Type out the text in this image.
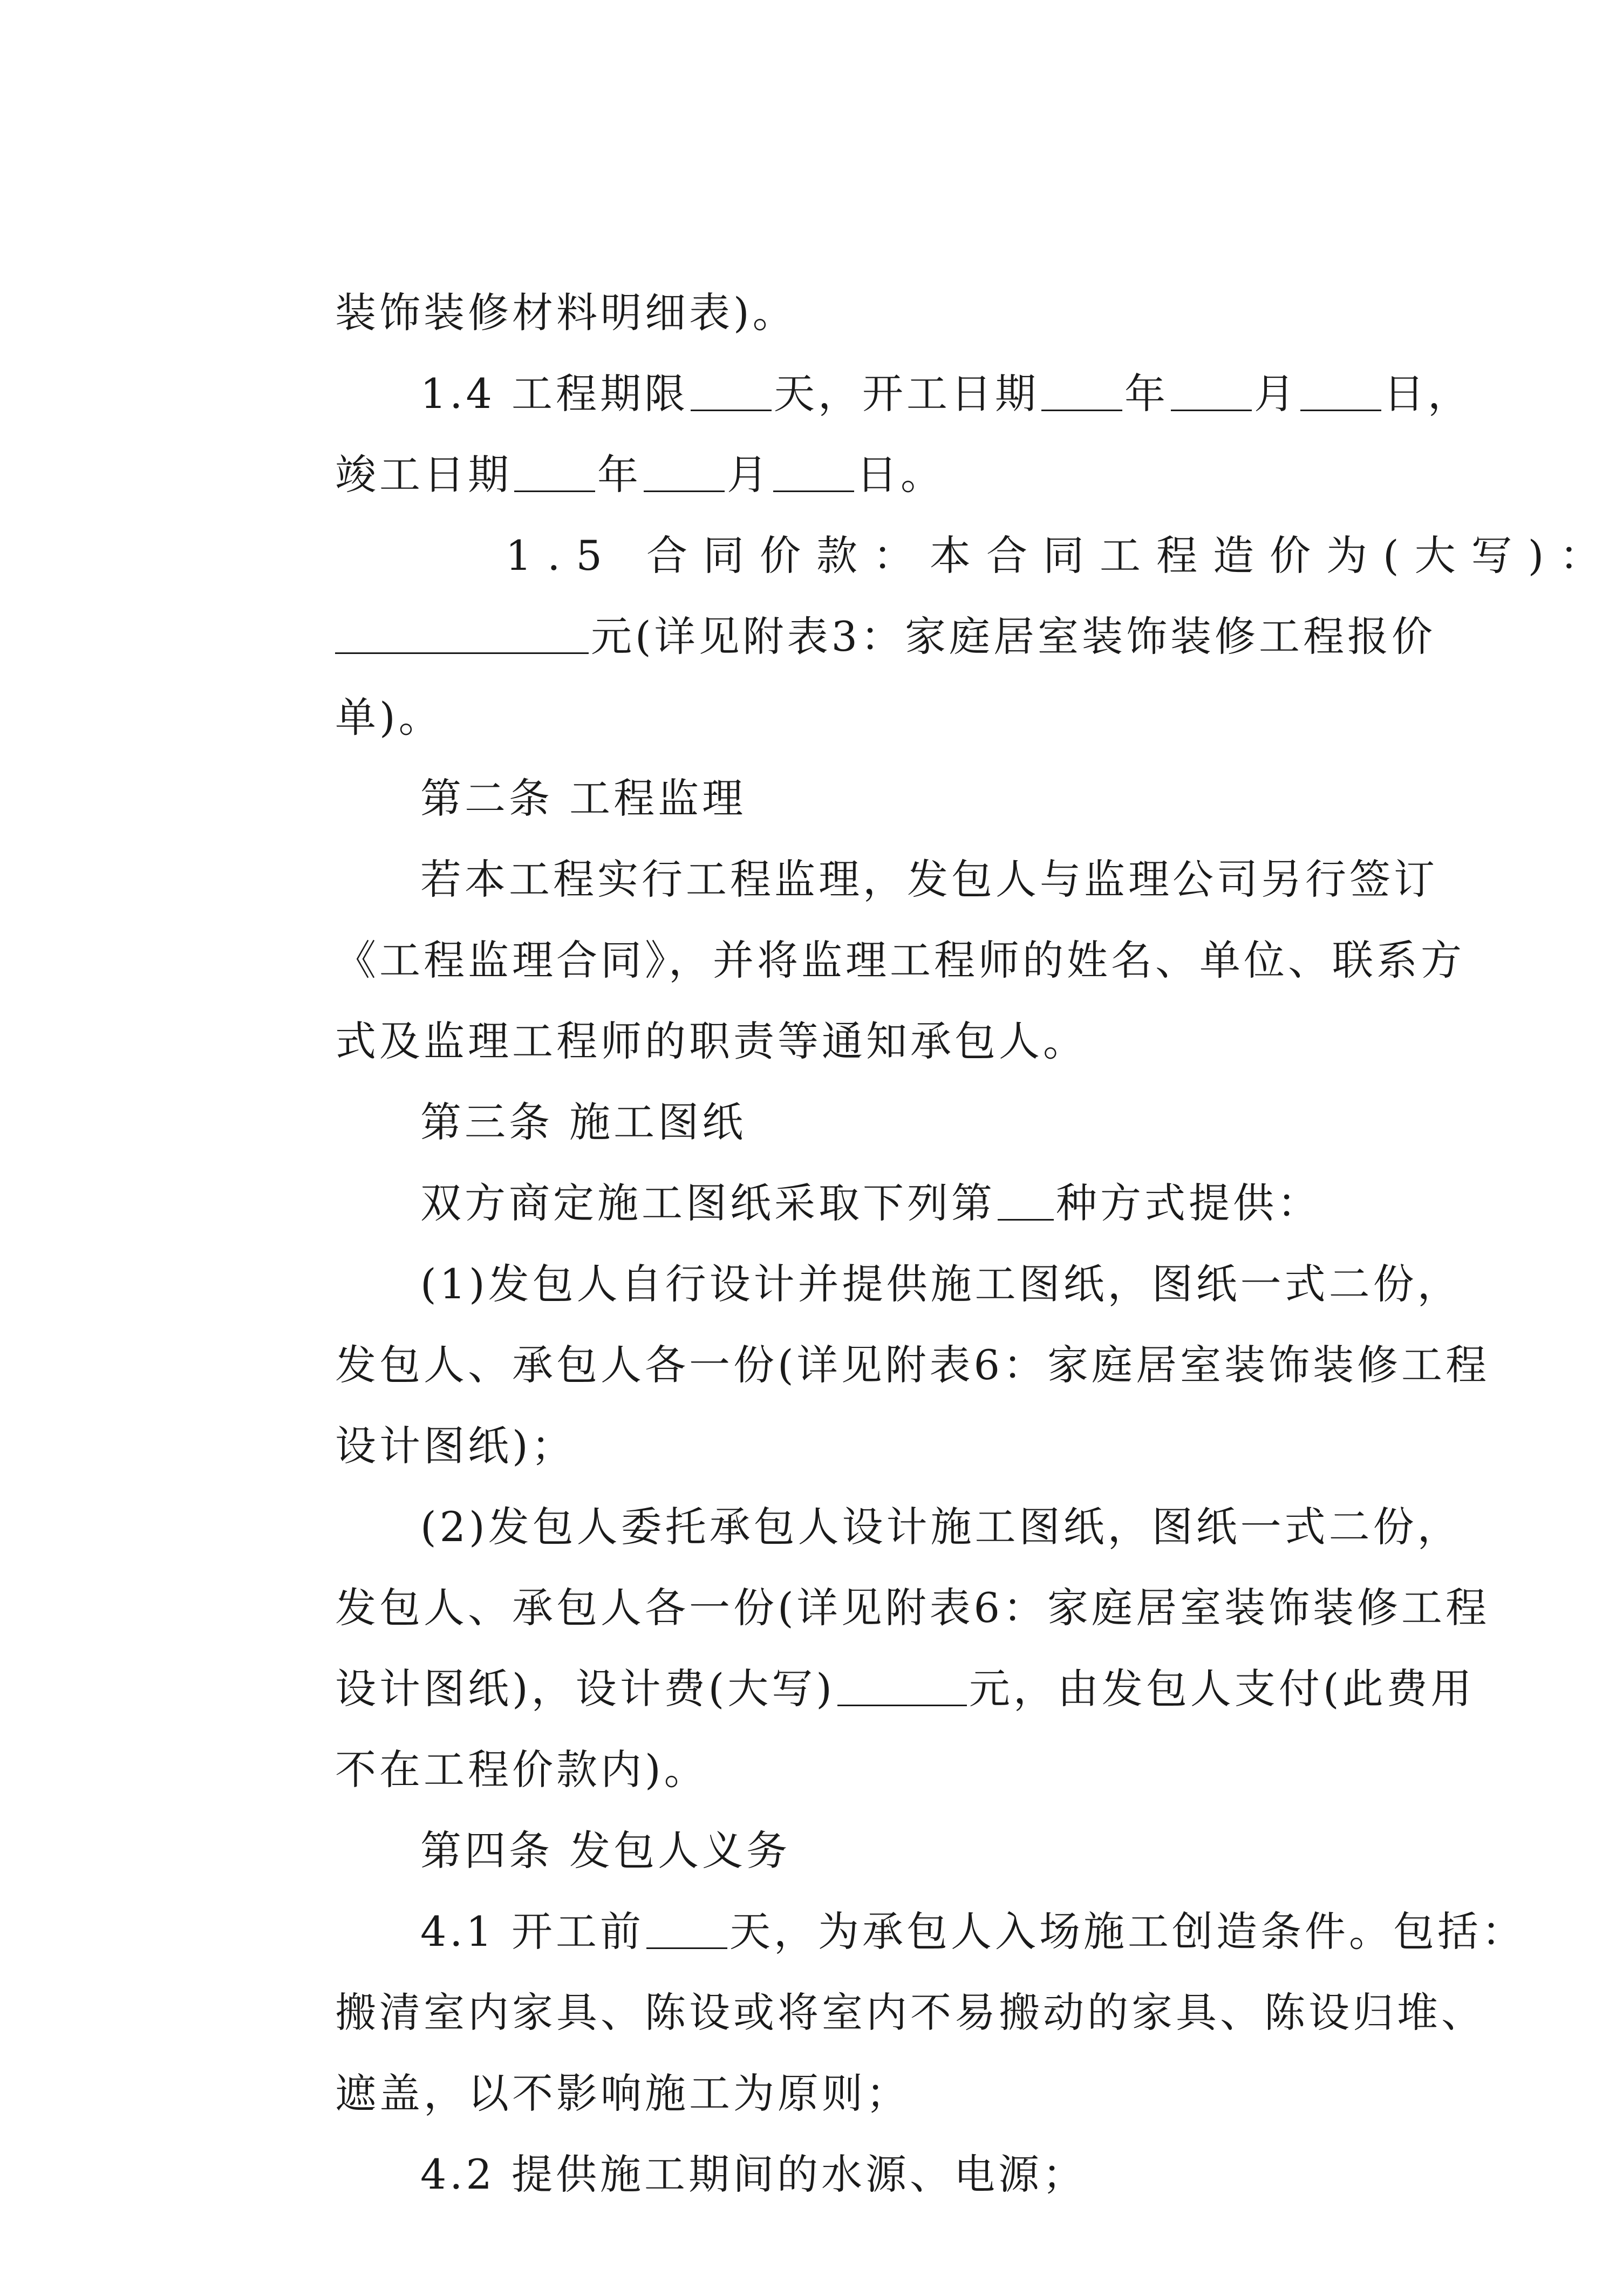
装饰装修材料明细表)。

1.4 工程期限 天，开工日期 年 月 日，

竣工日期 年 月 日。

1.5 合同价款：本合同工程造价为(大写)：

元(详见附表3：家庭居室装饰装修工程报价

单)。

第二条 工程监理

若本工程实行工程监理，发包人与监理公司另行签订

《工程监理合同》，并将监理工程师的姓名、单位、联系方

式及监理工程师的职责等通知承包人。

第三条 施工图纸

双方商定施工图纸采取下列第 种方式提供：

(1)发包人自行设计并提供施工图纸，图纸一式二份，

发包人、承包人各一份(详见附表6：家庭居室装饰装修工程

设计图纸)；

(2)发包人委托承包人设计施工图纸，图纸一式二份，

发包人、承包人各一份(详见附表6：家庭居室装饰装修工程

设计图纸)，设计费(大写)	元，由发包人支付(此费用

不在工程价款内)。

第四条 发包人义务

4.1 开工前 天，为承包人入场施工创造条件。包括：

搬清室内家具、陈设或将室内不易搬动的家具、陈设归堆、

遮盖，以不影响施工为原则；

4.2 提供施工期间的水源、电源；
